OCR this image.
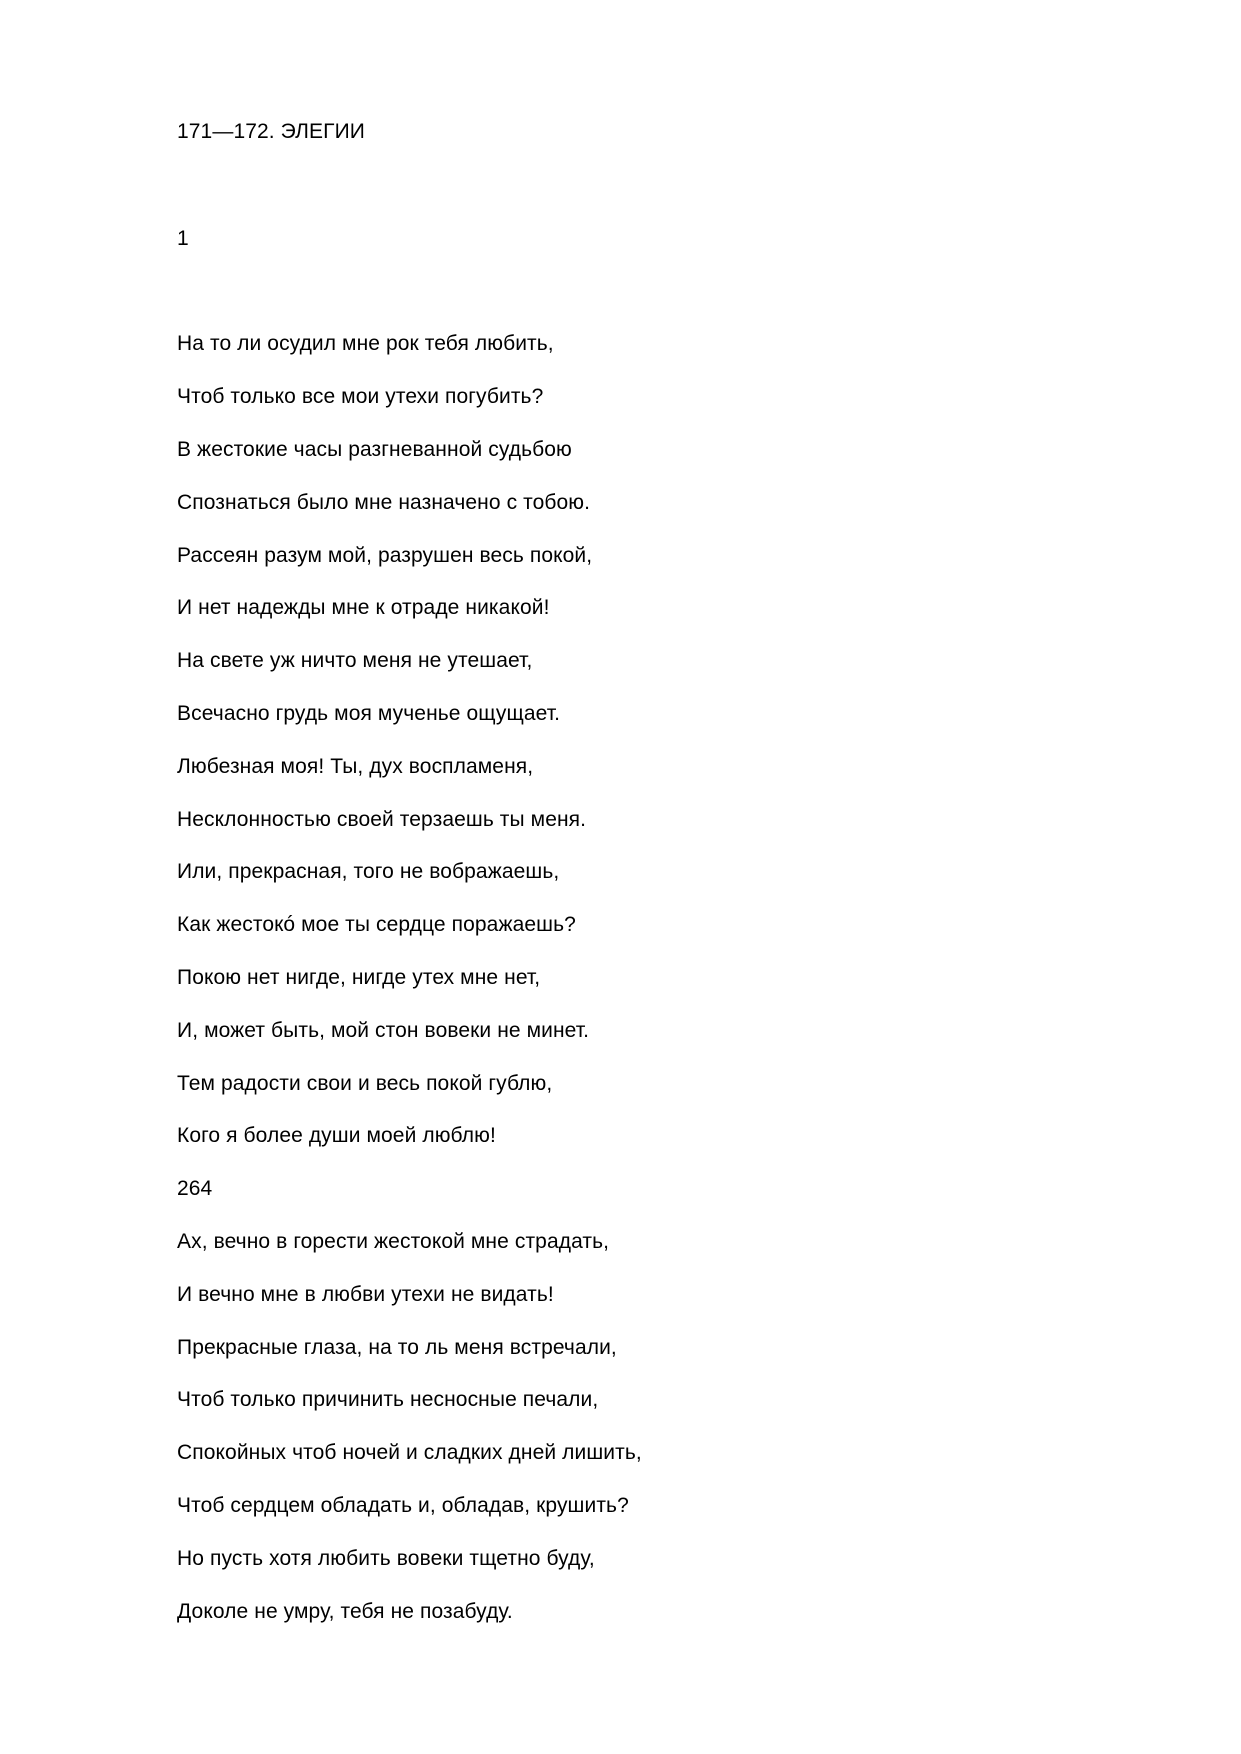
171—172. ЭЛЕГИИ
1
На то ли осудил мне рок тебя любить,
Чтоб только все мои утехи погубить?
В жестокие часы разгневанной судьбою
Спознаться было мне назначено с тобою.
Рассеян разум мой, разрушен весь покой,
И нет надежды мне к отраде никакой!
На свете уж ничто меня не утешает,
Всечасно грудь моя мученье ощущает.
Любезная моя! Ты, дух воспламеня,
Несклонностью своей терзаешь ты меня.
Или, прекрасная, того не вображаешь,
Как жестокó мое ты сердце поражаешь?
Покою нет нигде, нигде утех мне нет,
И, может быть, мой стон вовеки не минет.
Тем радости свои и весь покой гублю,
Кого я более души моей люблю!
264
Ах, вечно в горести жестокой мне страдать,
И вечно мне в любви утехи не видать!
Прекрасные глаза, на то ль меня встречали,
Чтоб только причинить несносные печали,
Спокойных чтоб ночей и сладких дней лишить,
Чтоб сердцем обладать и, обладав, крушить?
Но пусть хотя любить вовеки тщетно буду,
Доколе не умру, тебя не позабуду.
